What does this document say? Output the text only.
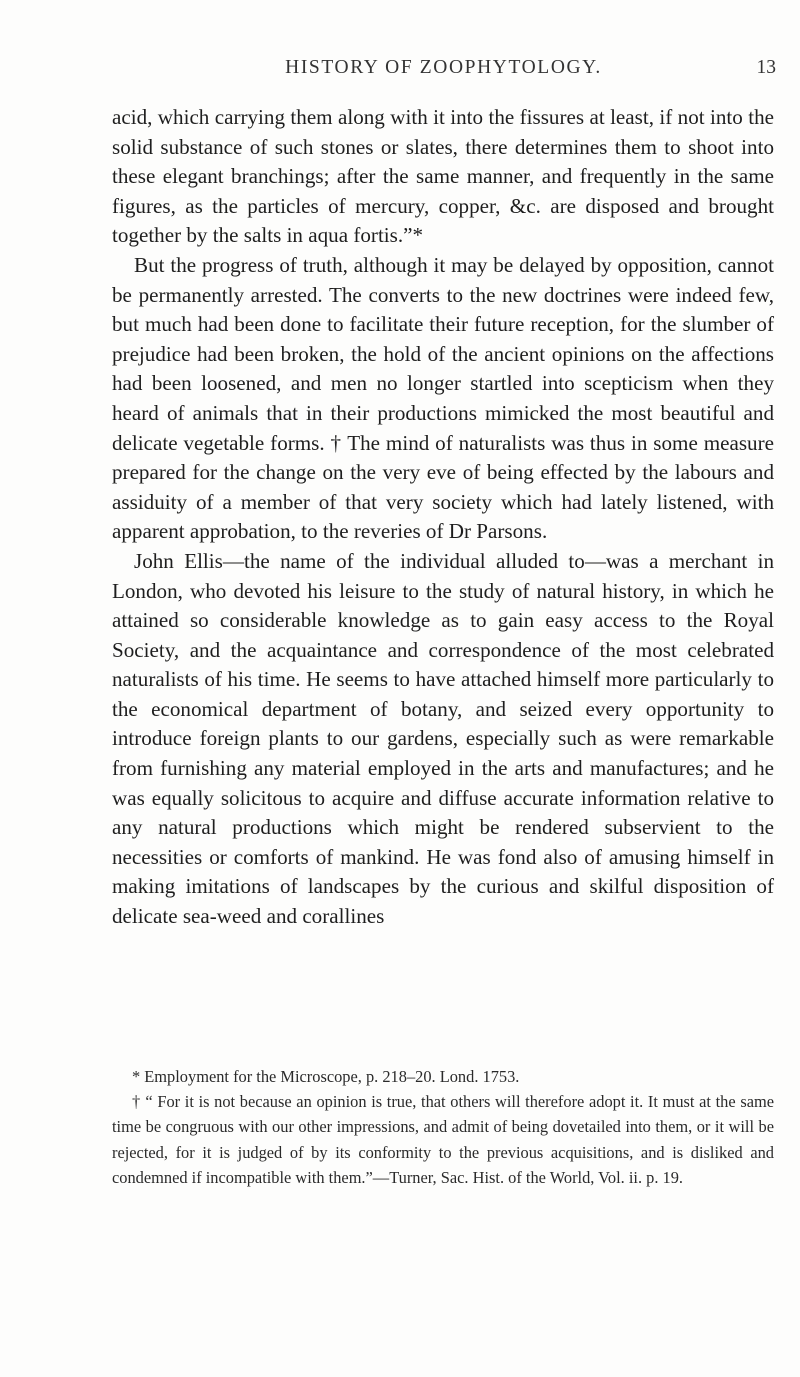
HISTORY OF ZOOPHYTOLOGY.	13

acid, which carrying them along with it into the fissures at least, if not into the solid substance of such stones or slates, there determines them to shoot into these elegant branchings; after the same manner, and frequently in the same figures, as the particles of mercury, copper, &c. are disposed and brought together by the salts in aqua fortis.”*

But the progress of truth, although it may be delayed by opposition, cannot be permanently arrested. The converts to the new doctrines were indeed few, but much had been done to facilitate their future reception, for the slumber of prejudice had been broken, the hold of the ancient opinions on the affections had been loosened, and men no longer startled into scepticism when they heard of animals that in their productions mimicked the most beautiful and delicate vegetable forms. † The mind of naturalists was thus in some measure prepared for the change on the very eve of being effected by the labours and assiduity of a member of that very society which had lately listened, with apparent approbation, to the reveries of Dr Parsons.

John Ellis—the name of the individual alluded to—was a merchant in London, who devoted his leisure to the study of natural history, in which he attained so considerable knowledge as to gain easy access to the Royal Society, and the acquaintance and correspondence of the most celebrated naturalists of his time. He seems to have attached himself more particularly to the economical department of botany, and seized every opportunity to introduce foreign plants to our gardens, especially such as were remarkable from furnishing any material employed in the arts and manufactures; and he was equally solicitous to acquire and diffuse accurate information relative to any natural productions which might be rendered subservient to the necessities or comforts of mankind. He was fond also of amusing himself in making imitations of landscapes by the curious and skilful disposition of delicate sea-weed and corallines

* Employment for the Microscope, p. 218–20. Lond. 1753.

† “ For it is not because an opinion is true, that others will therefore adopt it. It must at the same time be congruous with our other impressions, and admit of being dovetailed into them, or it will be rejected, for it is judged of by its conformity to the previous acquisitions, and is disliked and condemned if incompatible with them.”—Turner, Sac. Hist. of the World, Vol. ii. p. 19.
